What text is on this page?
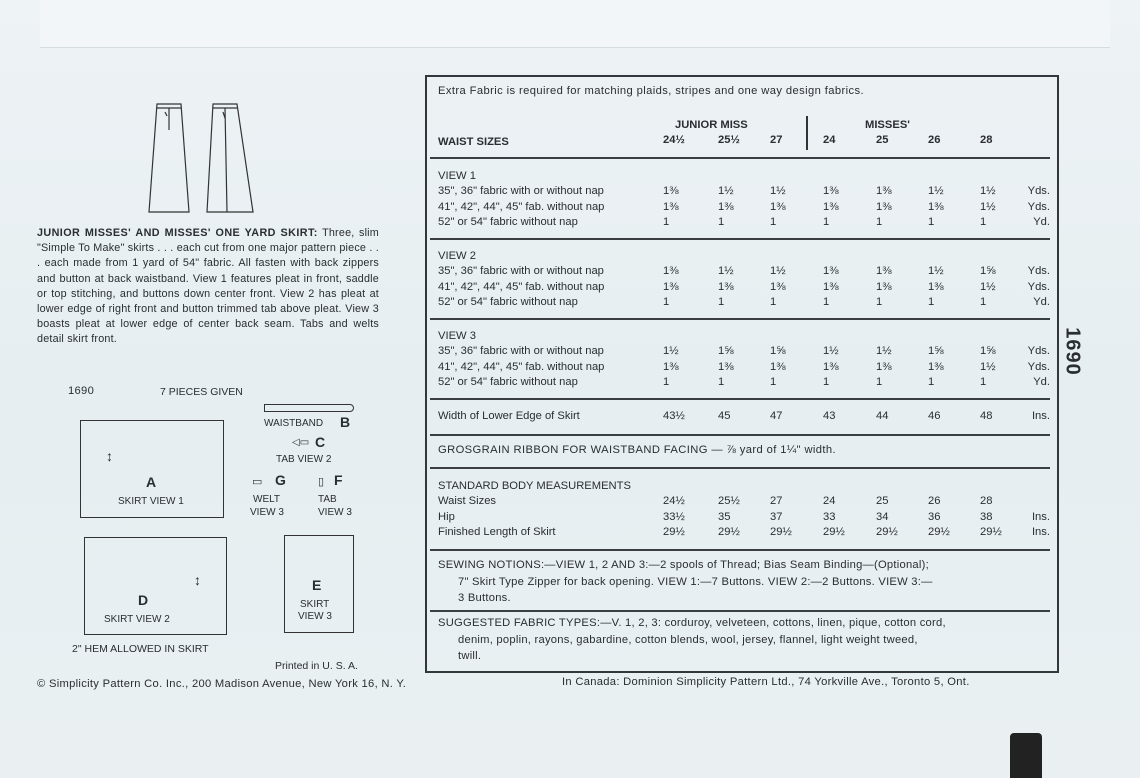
JUNIOR MISSES' AND MISSES' ONE YARD SKIRT: Three, slim "Simple To Make" skirts . . . each cut from one major pattern piece . . . each made from 1 yard of 54" fabric. All fasten with back zippers and button at back waistband. View 1 features pleat in front, saddle or top stitching, and buttons down center front. View 2 has pleat at lower edge of right front and button trimmed tab above pleat. View 3 boasts pleat at lower edge of center back seam. Tabs and welts detail skirt front.
1690	7 PIECES GIVEN
↕
A
SKIRT VIEW 1
WAISTBAND B
◁▭ C
TAB VIEW 2
▭ G
WELT
VIEW 3
▯ F
TAB
VIEW 3
↕
D
SKIRT VIEW 2
E
SKIRT
VIEW 3
2" HEM ALLOWED IN SKIRT
Printed in U. S. A.
© Simplicity Pattern Co. Inc., 200 Madison Avenue, New York 16, N. Y.	In Canada: Dominion Simplicity Pattern Ltd., 74 Yorkville Ave., Toronto 5, Ont.
Extra Fabric is required for matching plaids, stripes and one way design fabrics.
JUNIOR MISS	MISSES'
WAIST SIZES	24½	25½	27	24	25	26	28
VIEW 1
35", 36" fabric with or without nap	1⅜	1½	1½	1⅜	1⅜	1½	1½	Yds.
41", 42", 44", 45" fab. without nap	1⅜	1⅜	1⅜	1⅜	1⅜	1⅜	1½	Yds.
52" or 54" fabric without nap	1	1	1	1	1	1	1	Yd.
VIEW 2
35", 36" fabric with or without nap	1⅜	1½	1½	1⅜	1⅜	1½	1⅝	Yds.
41", 42", 44", 45" fab. without nap	1⅜	1⅜	1⅜	1⅜	1⅜	1⅜	1½	Yds.
52" or 54" fabric without nap	1	1	1	1	1	1	1	Yd.
VIEW 3
35", 36" fabric with or without nap	1½	1⅝	1⅝	1½	1½	1⅝	1⅝	Yds.
41", 42", 44", 45" fab. without nap	1⅜	1⅜	1⅜	1⅜	1⅜	1⅜	1½	Yds.
52" or 54" fabric without nap	1	1	1	1	1	1	1	Yd.
Width of Lower Edge of Skirt	43½	45	47	43	44	46	48	Ins.
GROSGRAIN RIBBON FOR WAISTBAND FACING — ⅞ yard of 1¼" width.
STANDARD BODY MEASUREMENTS
Waist Sizes	24½	25½	27	24	25	26	28
Hip	33½	35	37	33	34	36	38	Ins.
Finished Length of Skirt	29½	29½	29½	29½	29½	29½	29½	Ins.
SEWING NOTIONS:—VIEW 1, 2 AND 3:—2 spools of Thread; Bias Seam Binding—(Optional);
7" Skirt Type Zipper for back opening. VIEW 1:—7 Buttons. VIEW 2:—2 Buttons. VIEW 3:—
3 Buttons.
SUGGESTED FABRIC TYPES:—V. 1, 2, 3: corduroy, velveteen, cottons, linen, pique, cotton cord,
denim, poplin, rayons, gabardine, cotton blends, wool, jersey, flannel, light weight tweed,
twill.
1690
